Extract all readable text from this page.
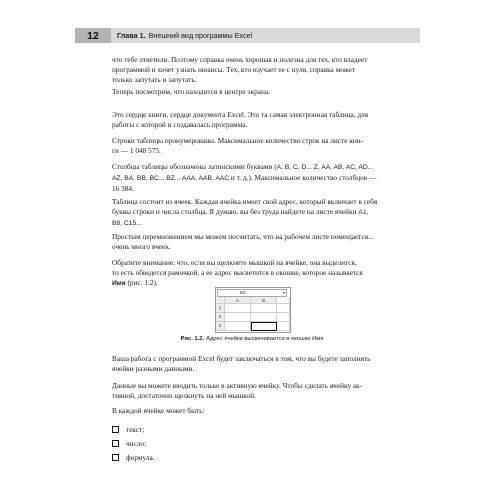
12	Глава 1. Внешний вид программы Excel

что тебе ответили. Поэтому справка очень хорошая и полезна для тех, кто владеет
программой и хочет узнать нюансы. Тех, кто изучает ее с нуля, справка может
только запутать и запутать.

Теперь посмотрим, что находится в центре экрана.

Это сердце книги, сердце документа Excel. Это та самая электронная таблица, для
работы с которой и создавалась программа.

Строки таблицы пронумерованы. Максимальное количество строк на листе кни-
ги — 1 048 575.

Столбцы таблицы обозначены латинскими буквами (A, B, C, D... Z, AA, AB, AC, AD...
AZ, BA, BB, BC... BZ... AAA, AAB, AAC и т. д.). Максимальное количество столбцов —
16 384.

Таблица состоит из ячеек. Каждая ячейка имеет свой адрес, который включает в себя
буквы строки и числа столбца. Я думаю, вы без труда найдете на листе ячейки A1,
B8, C15...

Простым перемножением мы можем посчитать, что на рабочем листе помещается...
очень много ячеек.

Обратите внимание, что, если вы щелкнете мышкой на ячейке, она выделится,
то есть обведется рамочкой, а ее адрес высветится в окошке, которое называется
Имя (рис. 1.2).

B3	▾
A	B
1
2
3
Рис. 1.2. Адрес ячейки высвечивается в окошке Имя

Ваша работа с программой Excel будет заключаться в том, что вы будете заполнять
ячейки разными данными.

Данные вы можете вводить только в активную ячейку. Чтобы сделать ячейку ак-
тивной, достаточно щелкнуть на ней мышкой.

В каждой ячейке может быть:

текст;
число;
формула.
